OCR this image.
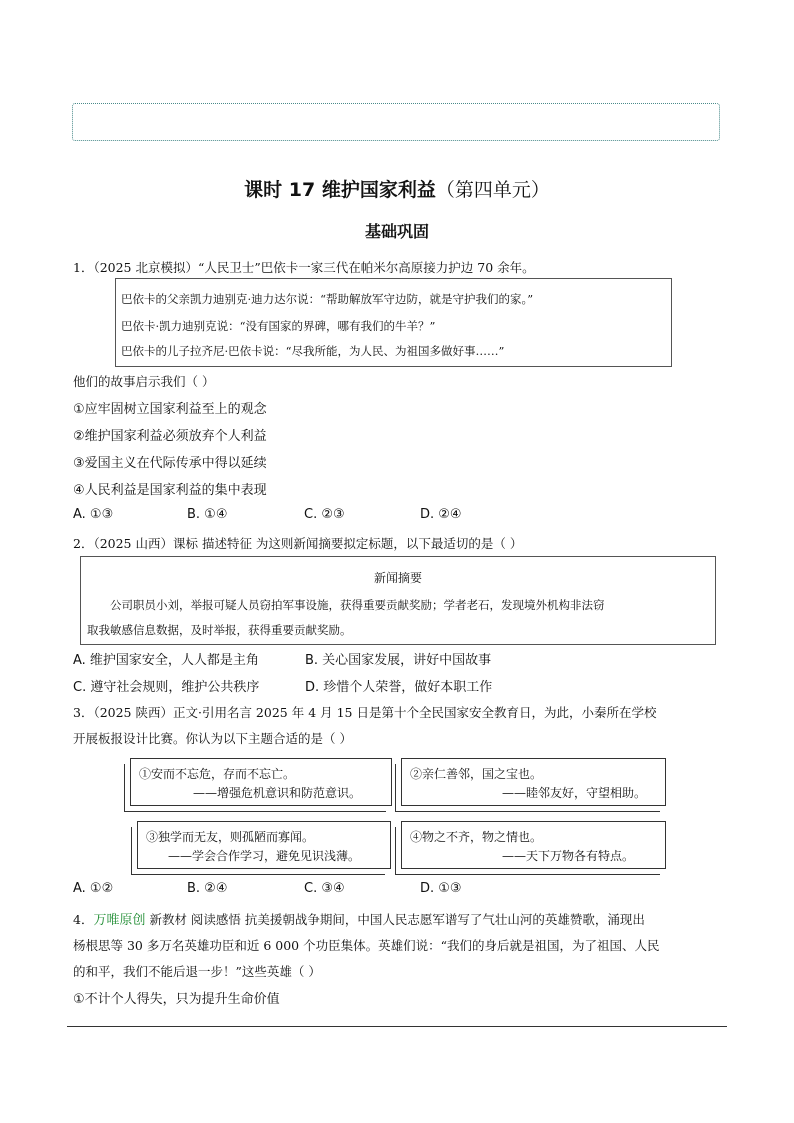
课时 17 维护国家利益（第四单元）
基础巩固
1．（2025 北京模拟）“人民卫士”巴依卡一家三代在帕米尔高原接力护边 70 余年。
巴依卡的父亲凯力迪别克·迪力达尔说：“帮助解放军守边防，就是守护我们的家。”
巴依卡·凯力迪别克说：“没有国家的界碑，哪有我们的牛羊？”
巴依卡的儿子拉齐尼·巴依卡说：“尽我所能，为人民、为祖国多做好事……”
他们的故事启示我们（ ）
①应牢固树立国家利益至上的观念
②维护国家利益必须放弃个人利益
③爱国主义在代际传承中得以延续
④人民利益是国家利益的集中表现
A. ①③	B. ①④	C. ②③	D. ②④
2．（2025 山西）课标 描述特征 为这则新闻摘要拟定标题，以下最适切的是（ ）
新闻摘要
公司职员小刘，举报可疑人员窃拍军事设施，获得重要贡献奖励；学者老石，发现境外机构非法窃
取我敏感信息数据，及时举报，获得重要贡献奖励。
A. 维护国家安全，人人都是主角	B. 关心国家发展，讲好中国故事
C. 遵守社会规则，维护公共秩序	D. 珍惜个人荣誉，做好本职工作
3．（2025 陕西）正文·引用名言 2025 年 4 月 15 日是第十个全民国家安全教育日，为此，小秦所在学校
开展板报设计比赛。你认为以下主题合适的是（ ）
①安而不忘危，存而不忘亡。
——增强危机意识和防范意识。
②亲仁善邻，国之宝也。
——睦邻友好，守望相助。
③独学而无友，则孤陋而寡闻。
——学会合作学习，避免见识浅薄。
④物之不齐，物之情也。
——天下万物各有特点。
A. ①②	B. ②④	C. ③④	D. ①③
4．万唯原创 新教材 阅读感悟 抗美援朝战争期间，中国人民志愿军谱写了气壮山河的英雄赞歌，涌现出
杨根思等 30 多万名英雄功臣和近 6 000 个功臣集体。英雄们说：“我们的身后就是祖国，为了祖国、人民
的和平，我们不能后退一步！”这些英雄（ ）
①不计个人得失，只为提升生命价值
